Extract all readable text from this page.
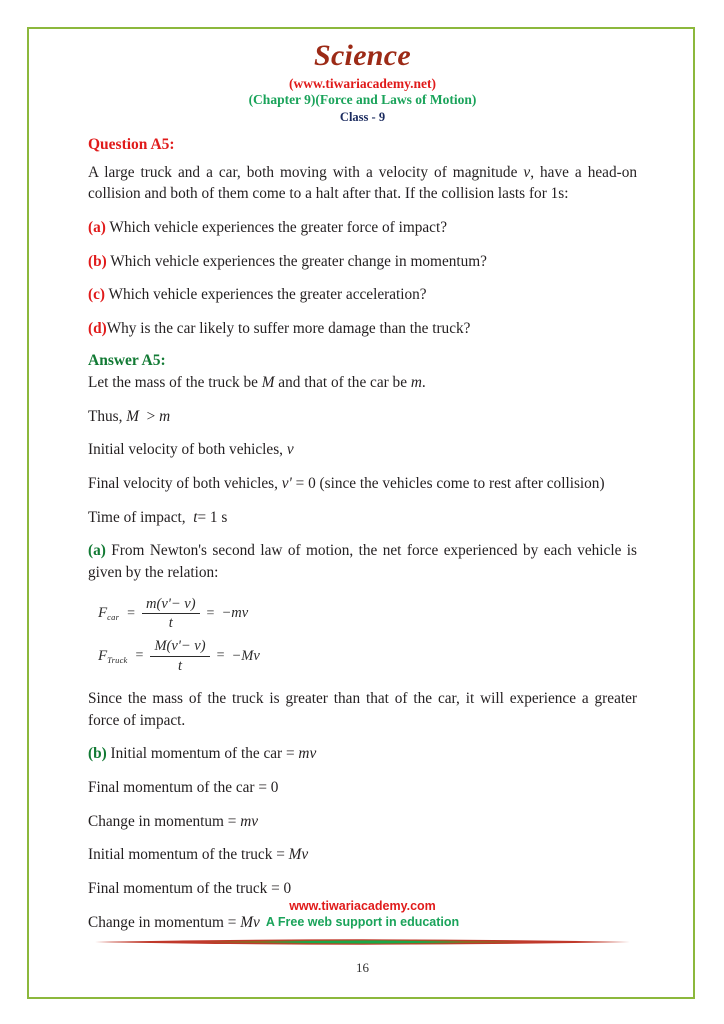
Science
(www.tiwariacademy.net)
(Chapter 9)(Force and Laws of Motion)
Class - 9
Question A5:

A large truck and a car, both moving with a velocity of magnitude v, have a head-on collision and both of them come to a halt after that. If the collision lasts for 1s:

(a) Which vehicle experiences the greater force of impact?

(b) Which vehicle experiences the greater change in momentum?

(c) Which vehicle experiences the greater acceleration?

(d)Why is the car likely to suffer more damage than the truck?

Answer A5:

Let the mass of the truck be M and that of the car be m.

Thus, M  > m

Initial velocity of both vehicles, v

Final velocity of both vehicles, v' = 0 (since the vehicles come to rest after collision)

Time of impact,  t= 1 s

(a) From Newton's second law of motion, the net force experienced by each vehicle is given by the relation:

$F_{car} = \frac{m(v'- v)}{t} = -mv$
$F_{Truck} = \frac{M(v'- v)}{t} = -Mv$

Since the mass of the truck is greater than that of the car, it will experience a greater force of impact.

(b) Initial momentum of the car = mv

Final momentum of the car = 0

Change in momentum = mv

Initial momentum of the truck = Mv

Final momentum of the truck = 0

Change in momentum = Mv

www.tiwariacademy.com
A Free web support in education
16
